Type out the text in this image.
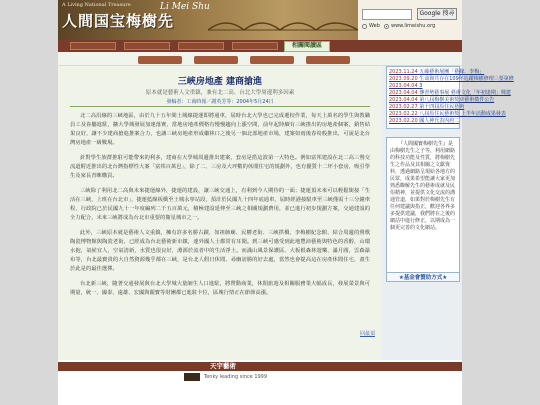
A Living National Treasure	Li Mei Shu
人間国宝梅樹先	Google 搜尋
Web www.limeishu.org
相關閱讀區
三峽房地產 建商搶進
原本就是藝術人文重鎮，兼有北二高、台北大學周邊利多因素
發稿者：工商時報／謝英芳等：2004年5月24日

北二高沿線的三峽地區，由於九十五年間土城線捷運即將通車，屆時台北大學也已完成遷校作業，每天上萬名的學生與教職員工及眷屬進駐，擴大學城發展加速落實，當地房地產價格有慢慢趨向上漲空間，前年起陸續有三峽推出的房地產個案，銷售結果良好，讓不少建商搶進推案合力，也讓三峽房地產形成繼林口之後另一個北部地產市場，建案如雨後春筍般推出，可說是北台灣房地產一級戰場。

針對學生族群推駐可能帶來的利多，建商在大學城周邊推出建案，套房是搭這波第一大特色。例如富邦建設在北二高三鶯交流道附近推出的北台灣指標性大案「富邦百萬邑」，除了二、三房及大坪數的休閒住宅的規劃外，也有優質十二坪小套房，吸引學生及家長青睞購買。

三峽除了利用北二高與未來捷運線外，捷運的建設，讓三峽交通上，有利到今人期待的一面；捷運頂未來可以輕鬆銜接「生活在三峽，上班在台北市」，捷運藍線板橋至土城永寧站段，預計於民國九十四年底通車，屆時經港接駁車至三峽僅需十三分鐘車程，行政院已於民國九十一年度編列二千五百萬元，積極建設延伸至三峽之相關規劃費用，並已進行初步規劃方案，交通建設的全力配合，未來三峽將成為台北市重要的衛星城市之一。

此外，三峽原本就是藝術人文重鎮，擁有許多名勝古蹟，如祖師廟、民權老街、三峽拱橋、李梅樹紀念館、結合周邊的鶯歌陶瓷博物館與陶瓷老街，已經成為台北藝術新市鎮，連外國人士都常有耳聞。到三峽可感受到此地豐沛藝術與特色的香醇，山環水抱，氣候宜人，空氣清新，水質也很良好，淵源於流者中的生活淨土。而滿山風景保護區、大板根森林遊樂、滿月圓，雲森瀑布等，台北最寶貴的大自然資源幾乎都在三峽，是台北人假日休閒、尋幽訪勝的好去處，當然也會提高這在房產休閒住宅，畫生於此是的最佳選擇。

台北新三峽，隨著交通發展與台北大學城大量師生人口進駐，將帶動商業，休閒旅遊及相關服務業大幅成長，發展榮景與可期量，統一、國泰、遠雄、宏國與麗寶等財團都已進駐卡位，區塊行情正在節節高漲。

回最頂
2023.11.24 五蘊藝術展團「藝緣．李梅」
2023.09.20 生命與共存在109年追蹤梅樹修理三要第修
2023.04.04 3
2023.04.04 傳習勢藝事展 藝術文化「年初逢期」興建
2023.04.04 第八屆梅樹美術獎章藝術徵件公告
2023.02.27 第十四屆原住民藝術
2023.02.22 八屆原住民藝術獎 上半年活動成果發表
2023.02.20 國人神氏表內府二

『人間國寶梅樹先生』是由梅樹先生之子等，利用網路的科技功能及性質，將梅樹先生之作品及其相關之文獻資料，透過網路呈現給各地方的民眾，成果希望能讓大家更加熟悉瞭解先生的藝術成就及民俗精神，並提供文化交流的溝通管道，如果對於梅樹先生有任何建議與指正，歡迎各界多多提供建議，我們將在之後的網站中進行修正，以期成為一個更完善的文化網站。

★基金會贊助方式★
天宇藝術
Tenky leading since 1999
